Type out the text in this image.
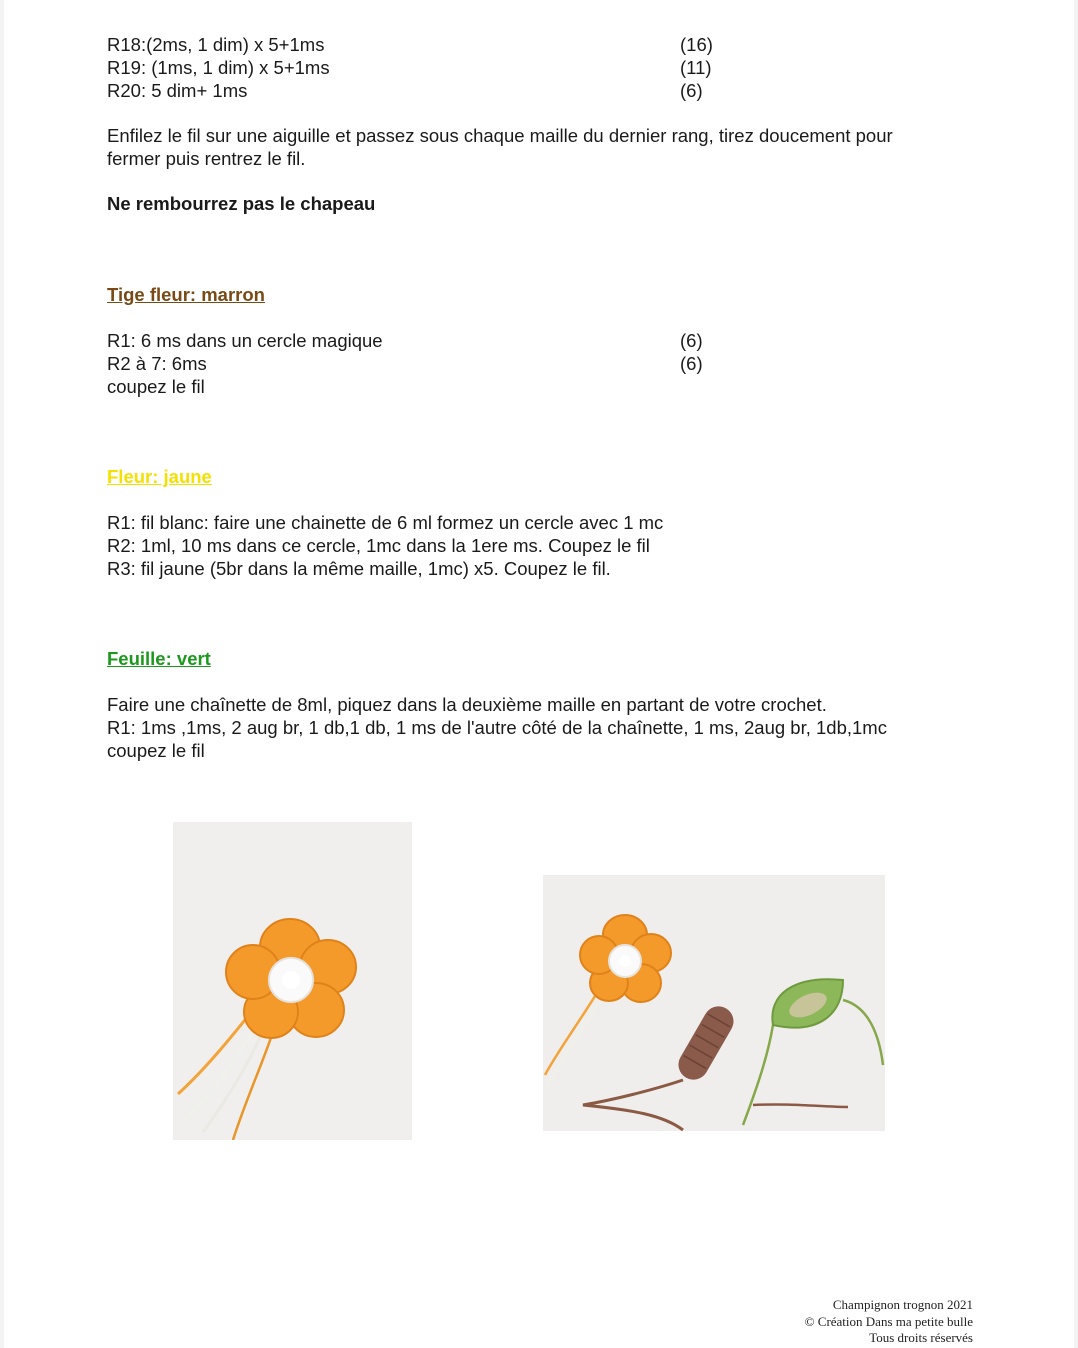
R18:(2ms, 1 dim) x 5+1ms	(16)
R19: (1ms, 1 dim) x 5+1ms	(11)
R20: 5 dim+ 1ms	(6)
Enfilez le fil sur une aiguille et passez sous chaque maille du dernier rang, tirez doucement pour
fermer puis rentrez le fil.
Ne rembourrez pas le chapeau
Tige fleur: marron
R1: 6 ms dans un cercle magique	(6)
R2 à 7: 6ms	(6)
coupez le fil
Fleur: jaune
R1: fil blanc: faire une chainette de 6 ml formez un cercle avec 1 mc
R2: 1ml, 10 ms dans ce cercle, 1mc dans la 1ere ms. Coupez le fil
R3: fil jaune (5br dans la même maille, 1mc) x5. Coupez le fil.
Feuille: vert
Faire une chaînette de 8ml, piquez dans la deuxième maille en partant de votre crochet.
R1: 1ms ,1ms, 2 aug br, 1 db,1 db, 1 ms de l'autre côté de la chaînette, 1 ms, 2aug br, 1db,1mc
coupez le fil
Champignon trognon 2021
© Création Dans ma petite bulle
Tous droits réservés
